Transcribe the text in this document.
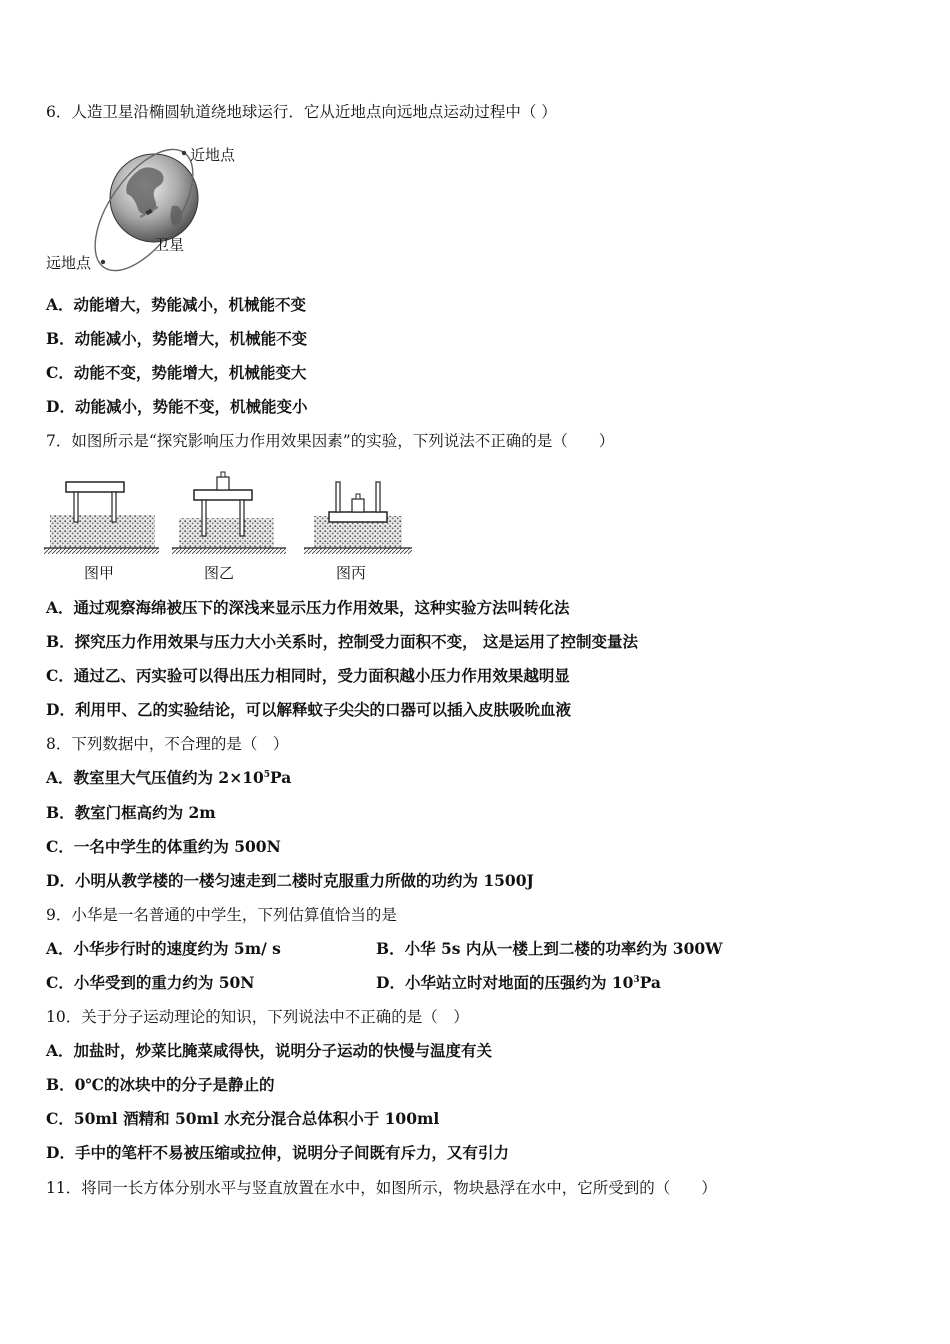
6．人造卫星沿椭圆轨道绕地球运行．它从近地点向远地点运动过程中（ ）
近地点
卫星
远地点
A．动能增大，势能减小，机械能不变
B．动能减小，势能增大，机械能不变
C．动能不变，势能增大，机械能变大
D．动能减小，势能不变，机械能变小
7．如图所示是“探究影响压力作用效果因素”的实验，下列说法不正确的是（　　）
图甲	图乙	图丙
A．通过观察海绵被压下的深浅来显示压力作用效果，这种实验方法叫转化法
B．探究压力作用效果与压力大小关系时，控制受力面积不变， 这是运用了控制变量法
C．通过乙、丙实验可以得出压力相同时，受力面积越小压力作用效果越明显
D．利用甲、乙的实验结论，可以解释蚊子尖尖的口器可以插入皮肤吸吮血液
8．下列数据中，不合理的是（　）
A．教室里大气压值约为 $2\times 10^5Pa$
B．教室门框高约为 2m
C．一名中学生的体重约为 500N
D．小明从教学楼的一楼匀速走到二楼时克服重力所做的功约为 1500J
9．小华是一名普通的中学生，下列估算值恰当的是
A．小华步行时的速度约为 5m/ s	B．小华 5s 内从一楼上到二楼的功率约为 300W
C．小华受到的重力约为 50N	D．小华站立时对地面的压强约为 $10^3Pa$
10．关于分子运动理论的知识，下列说法中不正确的是（　）
A．加盐时，炒菜比腌菜咸得快，说明分子运动的快慢与温度有关
B．0℃的冰块中的分子是静止的
C．50ml 酒精和 50ml 水充分混合总体积小于 100ml
D．手中的笔杆不易被压缩或拉伸，说明分子间既有斥力，又有引力
11．将同一长方体分别水平与竖直放置在水中，如图所示，物块悬浮在水中，它所受到的（　　）
